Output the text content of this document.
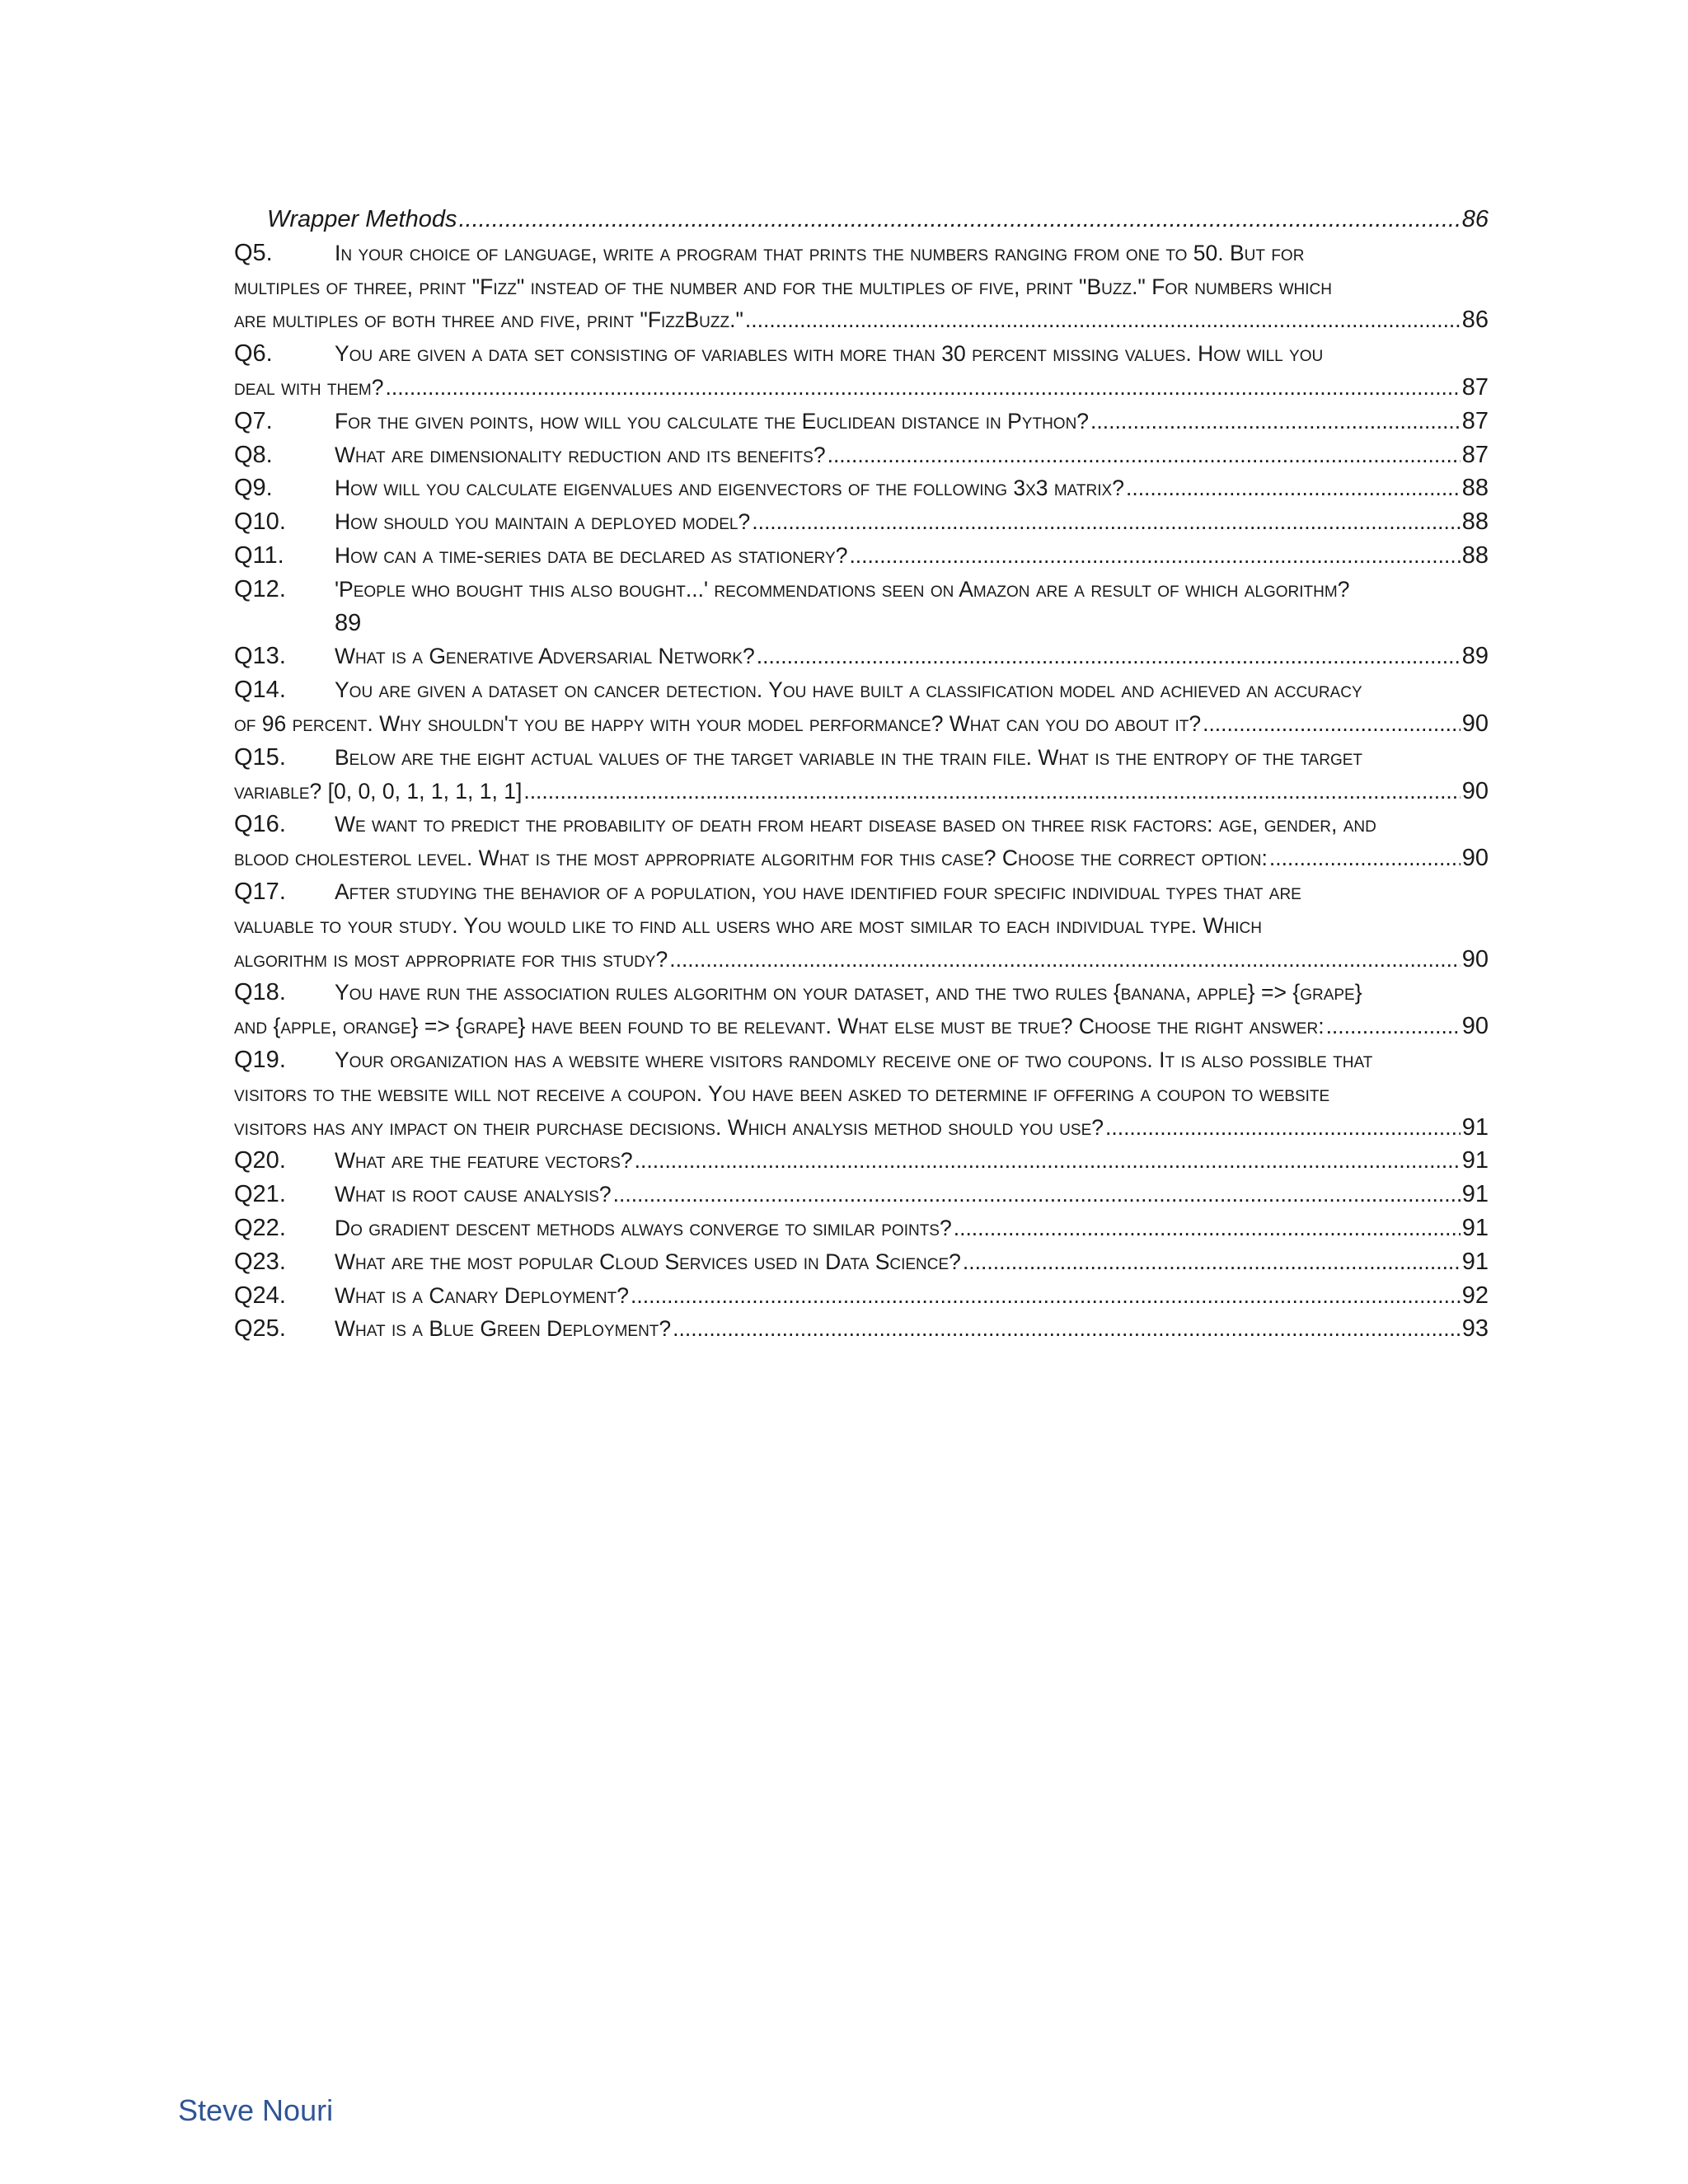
Wrapper Methods .....	86
Q5.	In your choice of language, write a program that prints the numbers ranging from one to 50. But for
multiples of three, print "Fizz" instead of the number and for the multiples of five, print "Buzz." For numbers which
are multiples of both three and five, print "FizzBuzz." .....	86
Q6.	You are given a data set consisting of variables with more than 30 percent missing values. How will you
deal with them? .....	87
Q7.	For the given points, how will you calculate the Euclidean distance in Python? .....	87
Q8.	What are dimensionality reduction and its benefits? .....	87
Q9.	How will you calculate eigenvalues and eigenvectors of the following 3x3 matrix? .....	88
Q10. How should you maintain a deployed model? .....	88
Q11. How can a time-series data be declared as stationery? .....	88
Q12. 'People who bought this also bought...' recommendations seen on Amazon are a result of which algorithm?
89
Q13. What is a Generative Adversarial Network? .....	89
Q14. You are given a dataset on cancer detection. You have built a classification model and achieved an accuracy
of 96 percent. Why shouldn't you be happy with your model performance? What can you do about it? .....	90
Q15. Below are the eight actual values of the target variable in the train file. What is the entropy of the target
variable? [0, 0, 0, 1, 1, 1, 1, 1] .....	90
Q16. We want to predict the probability of death from heart disease based on three risk factors: age, gender, and
blood cholesterol level. What is the most appropriate algorithm for this case? Choose the correct option: .....	90
Q17. After studying the behavior of a population, you have identified four specific individual types that are
valuable to your study. You would like to find all users who are most similar to each individual type. Which
algorithm is most appropriate for this study? .....	90
Q18. You have run the association rules algorithm on your dataset, and the two rules {banana, apple} => {grape}
and {apple, orange} => {grape} have been found to be relevant. What else must be true? Choose the right answer: .....	90
Q19. Your organization has a website where visitors randomly receive one of two coupons. It is also possible that
visitors to the website will not receive a coupon. You have been asked to determine if offering a coupon to website
visitors has any impact on their purchase decisions. Which analysis method should you use? .....	91
Q20. What are the feature vectors? .....	91
Q21. What is root cause analysis? .....	91
Q22. Do gradient descent methods always converge to similar points? .....	91
Q23. What are the most popular Cloud Services used in Data Science? .....	91
Q24. What is a Canary Deployment? .....	92
Q25. What is a Blue Green Deployment? .....	93
Steve Nouri
